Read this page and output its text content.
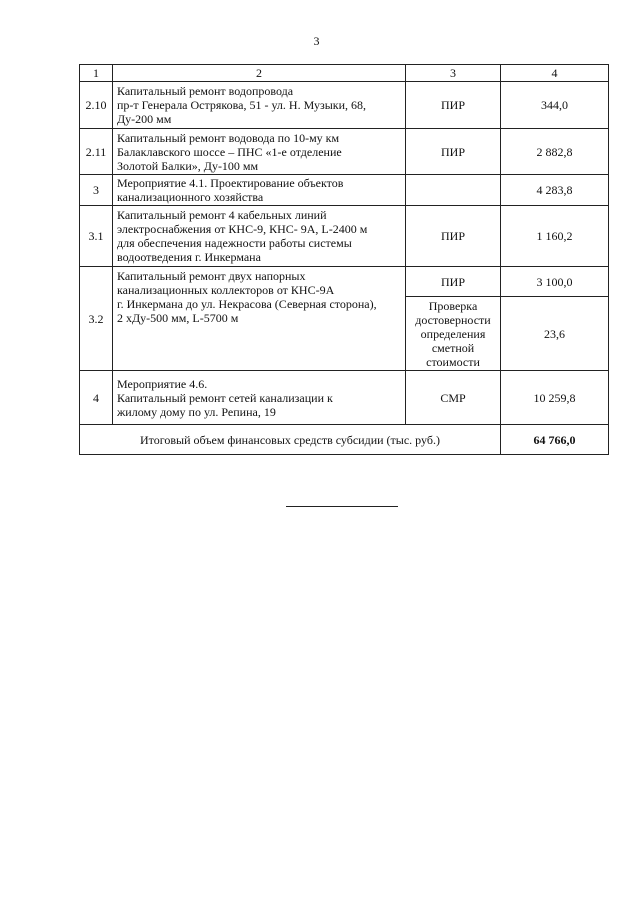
3
1	2	3	4
2.10	Капитальный ремонт водопровода
пр-т Генерала Острякова, 51 - ул. Н. Музыки, 68,
Ду-200 мм	ПИР	344,0
2.11	Капитальный ремонт водовода по 10-му км
Балаклавского шоссе – ПНС «1-е отделение
Золотой Балки», Ду-100 мм	ПИР	2 882,8
3	Мероприятие 4.1. Проектирование объектов
канализационного хозяйства		4 283,8
3.1	Капитальный ремонт 4 кабельных линий
электроснабжения от КНС-9, КНС- 9А, L-2400 м
для обеспечения надежности работы системы
водоотведения г. Инкермана	ПИР	1 160,2
3.2	Капитальный ремонт двух напорных
канализационных коллекторов от КНС-9А
г. Инкермана до ул. Некрасова (Северная сторона),
2 хДу-500 мм, L-5700 м	ПИР	3 100,0

		Проверка
достоверности
определения
сметной
стоимости	23,6
4	Мероприятие 4.6.
Капитальный ремонт сетей канализации к
жилому дому по ул. Репина, 19	СМР	10 259,8
Итоговый объем финансовых средств субсидии (тыс. руб.)			64 766,0
